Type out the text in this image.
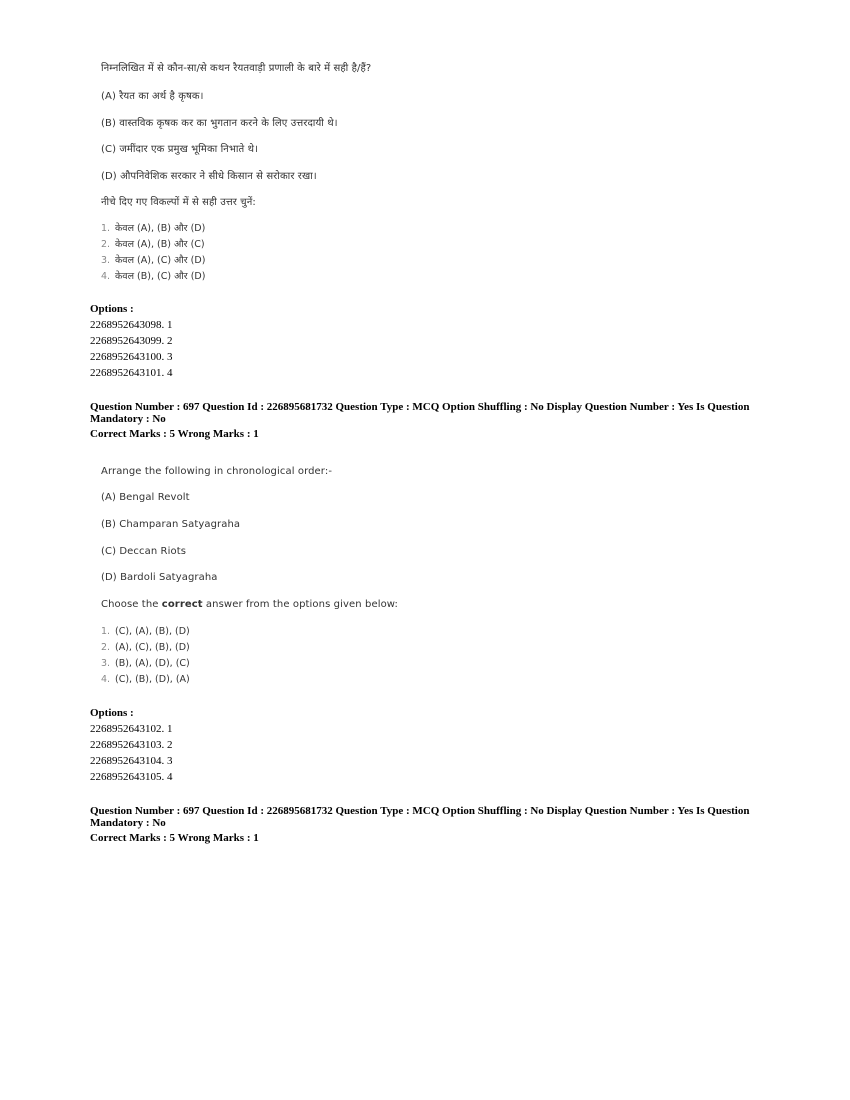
निम्नलिखित में से कौन-सा/से कथन रैयतवाड़ी प्रणाली के बारे में सही है/हैं?
(A) रैयत का अर्थ है कृषक।
(B) वास्तविक कृषक कर का भुगतान करने के लिए उत्तरदायी थे।
(C) जमींदार एक प्रमुख भूमिका निभाते थे।
(D) औपनिवेशिक सरकार ने सीधे किसान से सरोकार रखा।
नीचे दिए गए विकल्पों में से सही उत्तर चुनें:
1. केवल (A), (B) और (D)
2. केवल (A), (B) और (C)
3. केवल (A), (C) और (D)
4. केवल (B), (C) और (D)
Options :
2268952643098. 1
2268952643099. 2
2268952643100. 3
2268952643101. 4
Question Number : 697 Question Id : 226895681732 Question Type : MCQ Option Shuffling : No Display Question Number : Yes Is Question
Mandatory : No
Correct Marks : 5 Wrong Marks : 1
Arrange the following in chronological order:-
(A) Bengal Revolt
(B) Champaran Satyagraha
(C) Deccan Riots
(D) Bardoli Satyagraha
Choose the correct answer from the options given below:
1. (C), (A), (B), (D)
2. (A), (C), (B), (D)
3. (B), (A), (D), (C)
4. (C), (B), (D), (A)
Options :
2268952643102. 1
2268952643103. 2
2268952643104. 3
2268952643105. 4
Question Number : 697 Question Id : 226895681732 Question Type : MCQ Option Shuffling : No Display Question Number : Yes Is Question
Mandatory : No
Correct Marks : 5 Wrong Marks : 1
